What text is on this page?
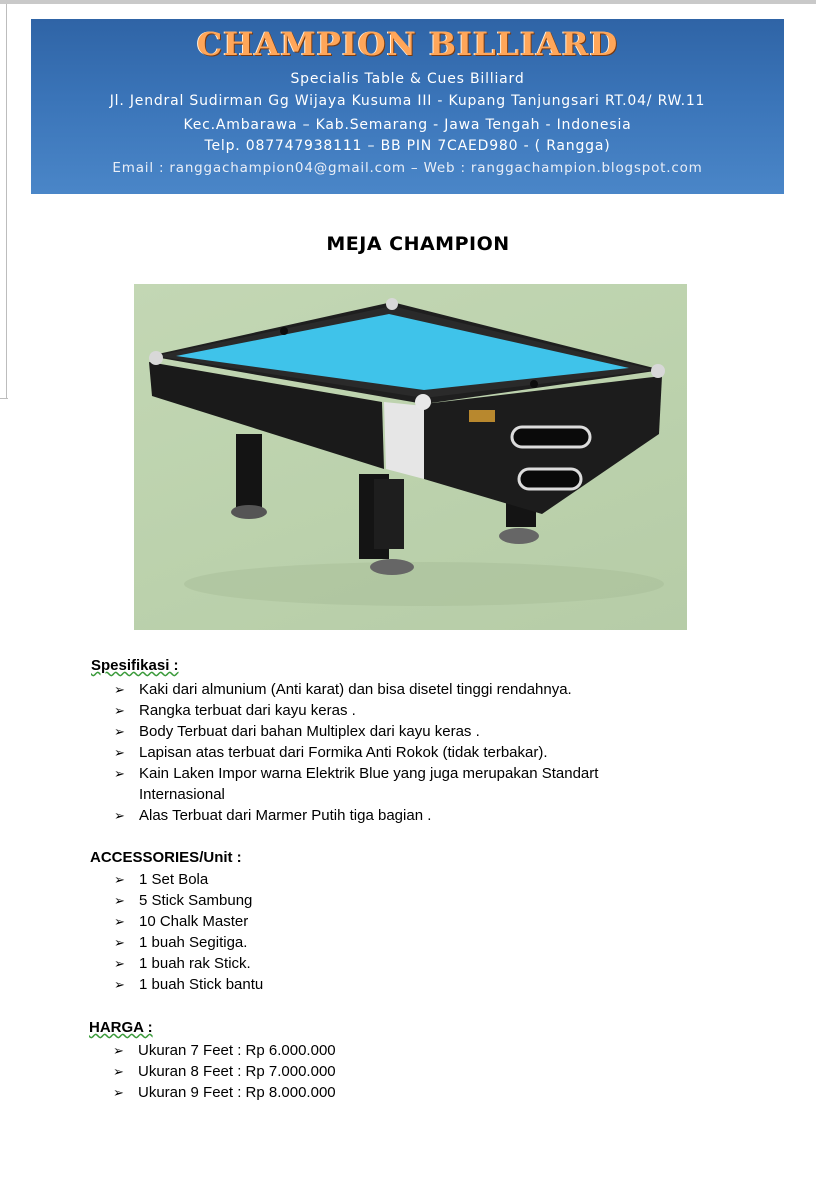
CHAMPION BILLIARD
Specialis Table & Cues Billiard
Jl. Jendral Sudirman Gg Wijaya Kusuma III - Kupang Tanjungsari RT.04/ RW.11
Kec.Ambarawa – Kab.Semarang - Jawa Tengah - Indonesia
Telp. 087747938111 – BB PIN 7CAED980 - ( Rangga)
Email : ranggachampion04@gmail.com – Web : ranggachampion.blogspot.com
MEJA CHAMPION
Spesifikasi :
➢ Kaki dari almunium (Anti karat) dan bisa disetel tinggi rendahnya.
➢ Rangka terbuat dari kayu keras .
➢ Body Terbuat dari bahan Multiplex dari kayu keras .
➢ Lapisan atas terbuat dari Formika Anti Rokok (tidak terbakar).
➢ Kain Laken Impor warna Elektrik Blue yang juga merupakan Standart
Internasional
➢ Alas Terbuat dari Marmer Putih tiga bagian .
ACCESSORIES/Unit :
➢ 1 Set Bola
➢ 5 Stick Sambung
➢ 10 Chalk Master
➢ 1 buah Segitiga.
➢ 1 buah rak Stick.
➢ 1 buah Stick bantu
HARGA :
➢ Ukuran 7 Feet : Rp 6.000.000
➢ Ukuran 8 Feet : Rp 7.000.000
➢ Ukuran 9 Feet : Rp 8.000.000
